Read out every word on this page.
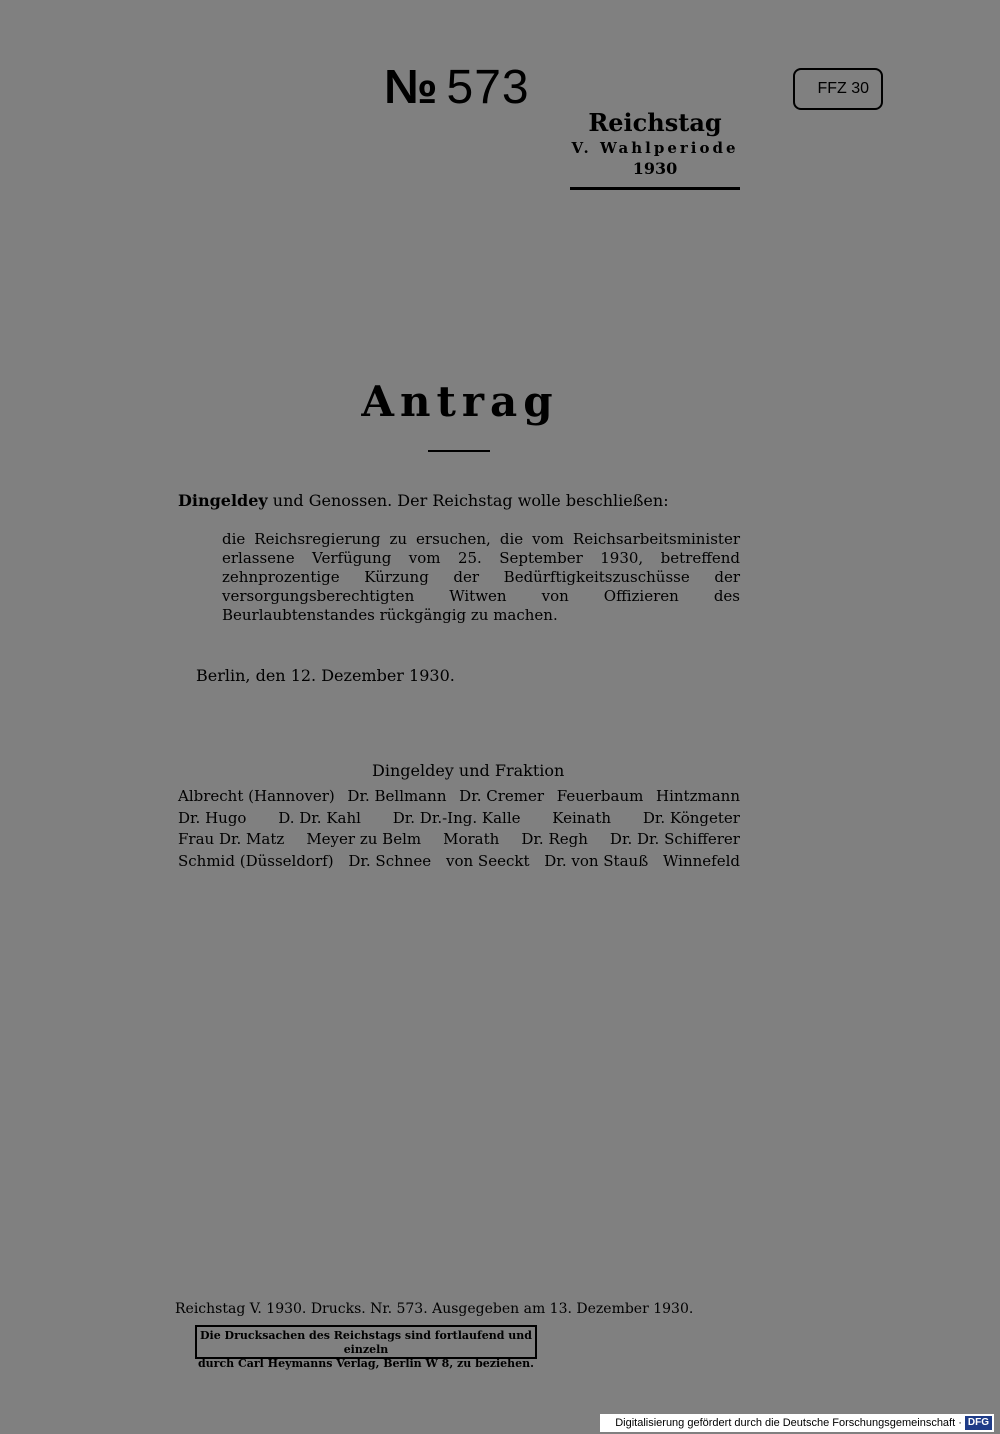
№ 573	FFZ 30
Reichstag
V. Wahlperiode
1930
Antrag
Dingeldey und Genossen. Der Reichstag wolle beschließen:
die Reichsregierung zu ersuchen, die vom Reichsarbeitsminister erlassene Verfügung vom 25. September 1930, betreffend zehnprozentige Kürzung der Bedürftigkeitszuschüsse der versorgungsberechtigten Witwen von Offizieren des Beurlaubtenstandes rückgängig zu machen.
Berlin, den 12. Dezember 1930.
Dingeldey und Fraktion
Albrecht (Hannover) Dr. Bellmann Dr. Cremer Feuerbaum Hintzmann
Dr. Hugo D. Dr. Kahl Dr. Dr.-Ing. Kalle Keinath Dr. Köngeter
Frau Dr. Matz Meyer zu Belm Morath Dr. Regh Dr. Dr. Schifferer
Schmid (Düsseldorf) Dr. Schnee von Seeckt Dr. von Stauß Winnefeld
Reichstag V. 1930. Drucks. Nr. 573. Ausgegeben am 13. Dezember 1930.
Die Drucksachen des Reichstags sind fortlaufend und einzeln
durch Carl Heymanns Verlag, Berlin W 8, zu beziehen.
Digitalisierung gefördert durch die Deutsche Forschungsgemeinschaft · DFG
